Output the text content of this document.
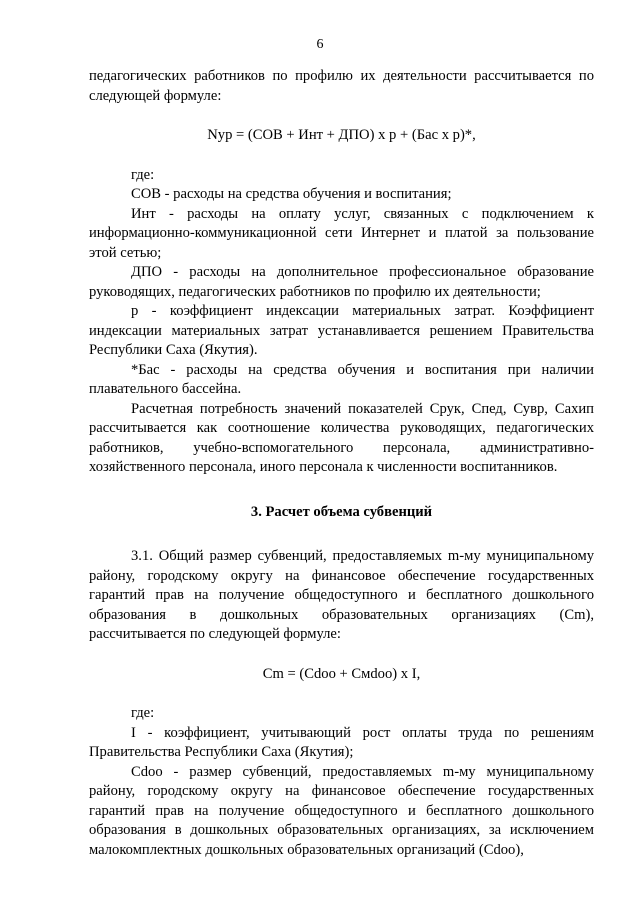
6

педагогических работников по профилю их деятельности рассчитывается по следующей формуле:

Nуp = (СОВ + Инт + ДПО) х р + (Бас х р)*,

где:

СОВ - расходы на средства обучения и воспитания;

Инт - расходы на оплату услуг, связанных с подключением к информационно-коммуникационной сети Интернет и платой за пользование этой сетью;

ДПО - расходы на дополнительное профессиональное образование руководящих, педагогических работников по профилю их деятельности;

р - коэффициент индексации материальных затрат. Коэффициент индексации материальных затрат устанавливается решением Правительства Республики Саха (Якутия).

*Бас - расходы на средства обучения и воспитания при наличии плавательного бассейна.

Расчетная потребность значений показателей Срук, Спед, Сувр, Сахип рассчитывается как соотношение количества руководящих, педагогических работников, учебно-вспомогательного персонала, административно-хозяйственного персонала, иного персонала к численности воспитанников.

3. Расчет объема субвенций

3.1. Общий размер субвенций, предоставляемых m-му муниципальному району, городскому округу на финансовое обеспечение государственных гарантий прав на получение общедоступного и бесплатного дошкольного образования в дошкольных образовательных организациях (Сm), рассчитывается по следующей формуле:

Сm = (Cdoo + Cмdoo) х I,

где:

I - коэффициент, учитывающий рост оплаты труда по решениям Правительства Республики Саха (Якутия);

Cdoo - размер субвенций, предоставляемых m-му муниципальному району, городскому округу на финансовое обеспечение государственных гарантий прав на получение общедоступного и бесплатного дошкольного образования в дошкольных образовательных организациях, за исключением малокомплектных дошкольных образовательных организаций (Cdoo),
